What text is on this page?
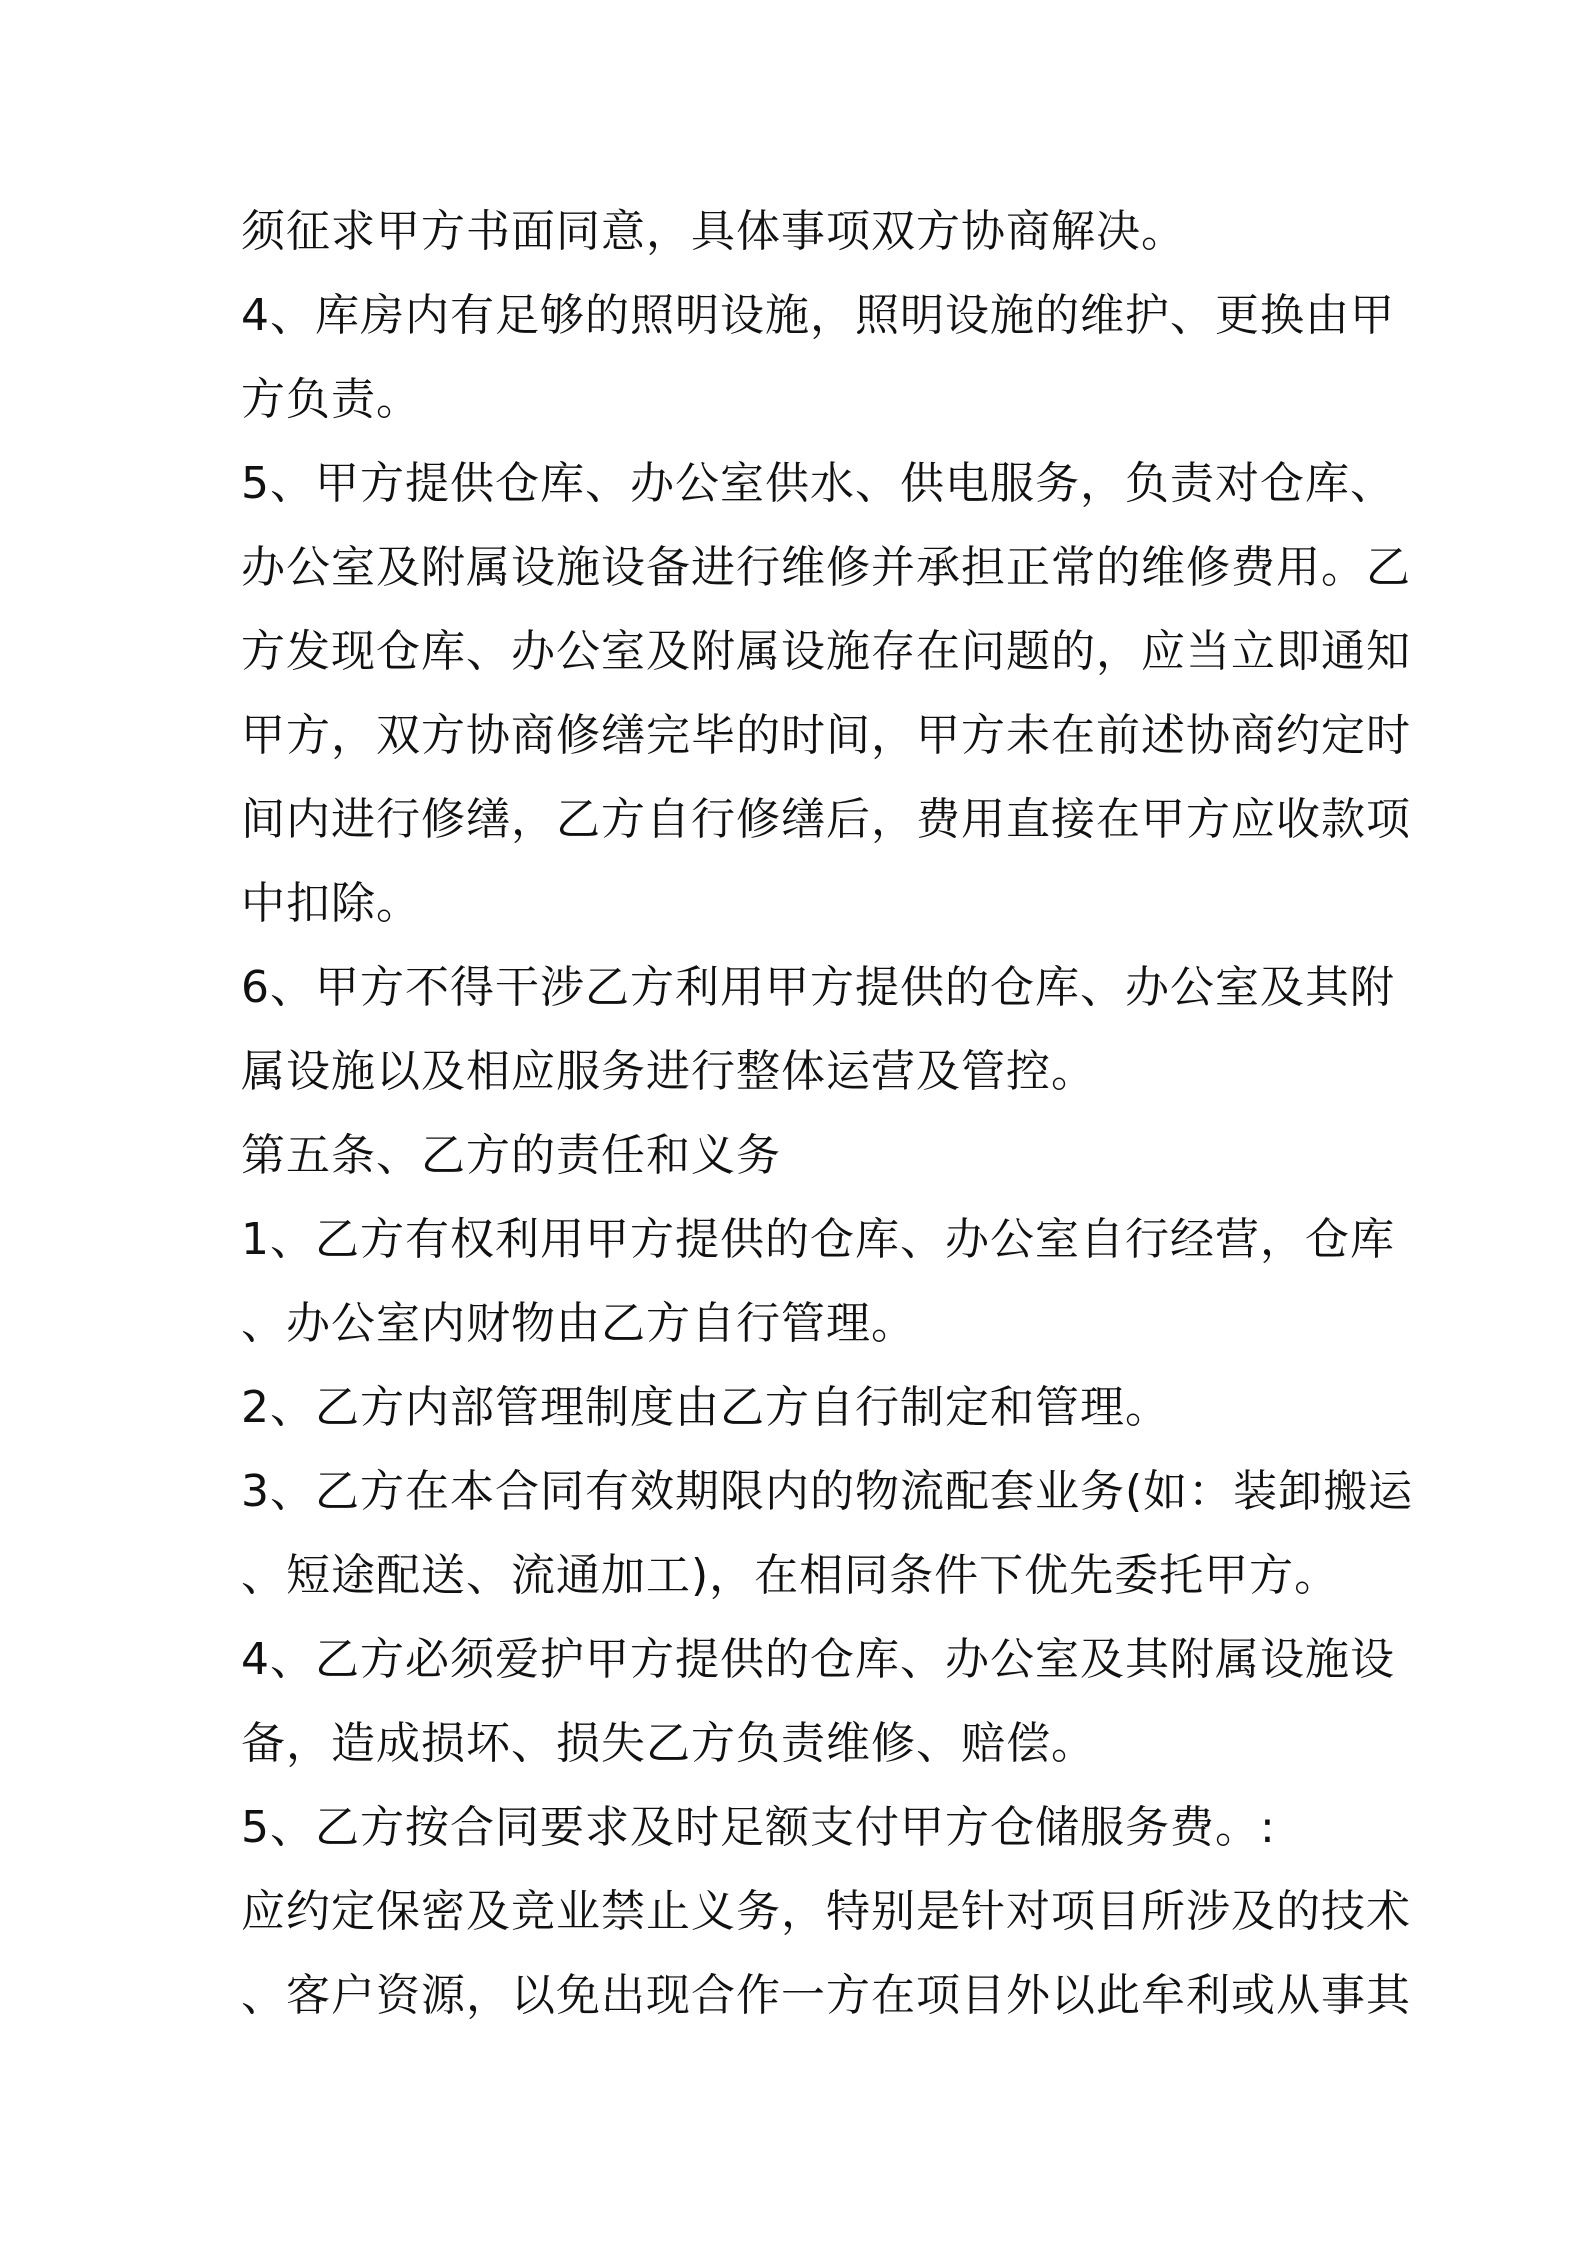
须征求甲方书面同意，具体事项双方协商解决。
4、库房内有足够的照明设施，照明设施的维护、更换由甲
方负责。
5、甲方提供仓库、办公室供水、供电服务，负责对仓库、
办公室及附属设施设备进行维修并承担正常的维修费用。乙
方发现仓库、办公室及附属设施存在问题的，应当立即通知
甲方，双方协商修缮完毕的时间，甲方未在前述协商约定时
间内进行修缮，乙方自行修缮后，费用直接在甲方应收款项
中扣除。
6、甲方不得干涉乙方利用甲方提供的仓库、办公室及其附
属设施以及相应服务进行整体运营及管控。
第五条、乙方的责任和义务
1、乙方有权利用甲方提供的仓库、办公室自行经营，仓库
、办公室内财物由乙方自行管理。
2、乙方内部管理制度由乙方自行制定和管理。
3、乙方在本合同有效期限内的物流配套业务(如：装卸搬运
、短途配送、流通加工)，在相同条件下优先委托甲方。
4、乙方必须爱护甲方提供的仓库、办公室及其附属设施设
备，造成损坏、损失乙方负责维修、赔偿。
5、乙方按合同要求及时足额支付甲方仓储服务费。:
应约定保密及竞业禁止义务，特别是针对项目所涉及的技术
、客户资源，以免出现合作一方在项目外以此牟利或从事其
